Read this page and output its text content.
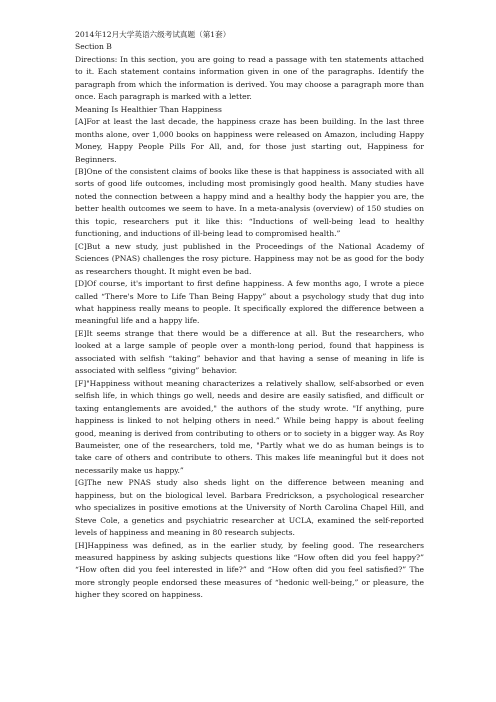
2014年12月大学英语六级考试真题（第1套）

Section B

Directions: In this section, you are going to read a passage with ten statements attached to it. Each statement contains information given in one of the paragraphs. Identify the paragraph from which the information is derived. You may choose a paragraph more than once. Each paragraph is marked with a letter.

Meaning Is Healthier Than Happiness

[A]For at least the last decade, the happiness craze has been building. In the last three months alone, over 1,000 books on happiness were released on Amazon, including Happy Money, Happy People Pills For All, and, for those just starting out, Happiness for Beginners.

[B]One of the consistent claims of books like these is that happiness is associated with all sorts of good life outcomes, including most promisingly good health. Many studies have noted the connection between a happy mind and a healthy body the happier you are, the better health outcomes we seem to have. In a meta-analysis (overview) of 150 studies on this topic, researchers put it like this: “Inductions of well-being lead to healthy functioning, and inductions of ill-being lead to compromised health.”

[C]But a new study, just published in the Proceedings of the National Academy of Sciences (PNAS) challenges the rosy picture. Happiness may not be as good for the body as researchers thought. It might even be bad.

[D]Of course, it's important to first define happiness. A few months ago, I wrote a piece called “There's More to Life Than Being Happy” about a psychology study that dug into what happiness really means to people. It specifically explored the difference between a meaningful life and a happy life.

[E]It seems strange that there would be a difference at all. But the researchers, who looked at a large sample of people over a month-long period, found that happiness is associated with selfish “taking” behavior and that having a sense of meaning in life is associated with selfless “giving” behavior.

[F]"Happiness without meaning characterizes a relatively shallow, self-absorbed or even selfish life, in which things go well, needs and desire are easily satisfied, and difficult or taxing entanglements are avoided," the authors of the study wrote. "If anything, pure happiness is linked to not helping others in need.” While being happy is about feeling good, meaning is derived from contributing to others or to society in a bigger way. As Roy Baumeister, one of the researchers, told me, "Partly what we do as human beings is to take care of others and contribute to others. This makes life meaningful but it does not necessarily make us happy.”

[G]The new PNAS study also sheds light on the difference between meaning and happiness, but on the biological level. Barbara Fredrickson, a psychological researcher who specializes in positive emotions at the University of North Carolina Chapel Hill, and Steve Cole, a genetics and psychiatric researcher at UCLA, examined the self-reported levels of happiness and meaning in 80 research subjects.

[H]Happiness was defined, as in the earlier study, by feeling good. The researchers measured happiness by asking subjects questions like “How often did you feel happy?” “How often did you feel interested in life?” and “How often did you feel satisfied?” The more strongly people endorsed these measures of “hedonic well-being,” or pleasure, the higher they scored on happiness.
